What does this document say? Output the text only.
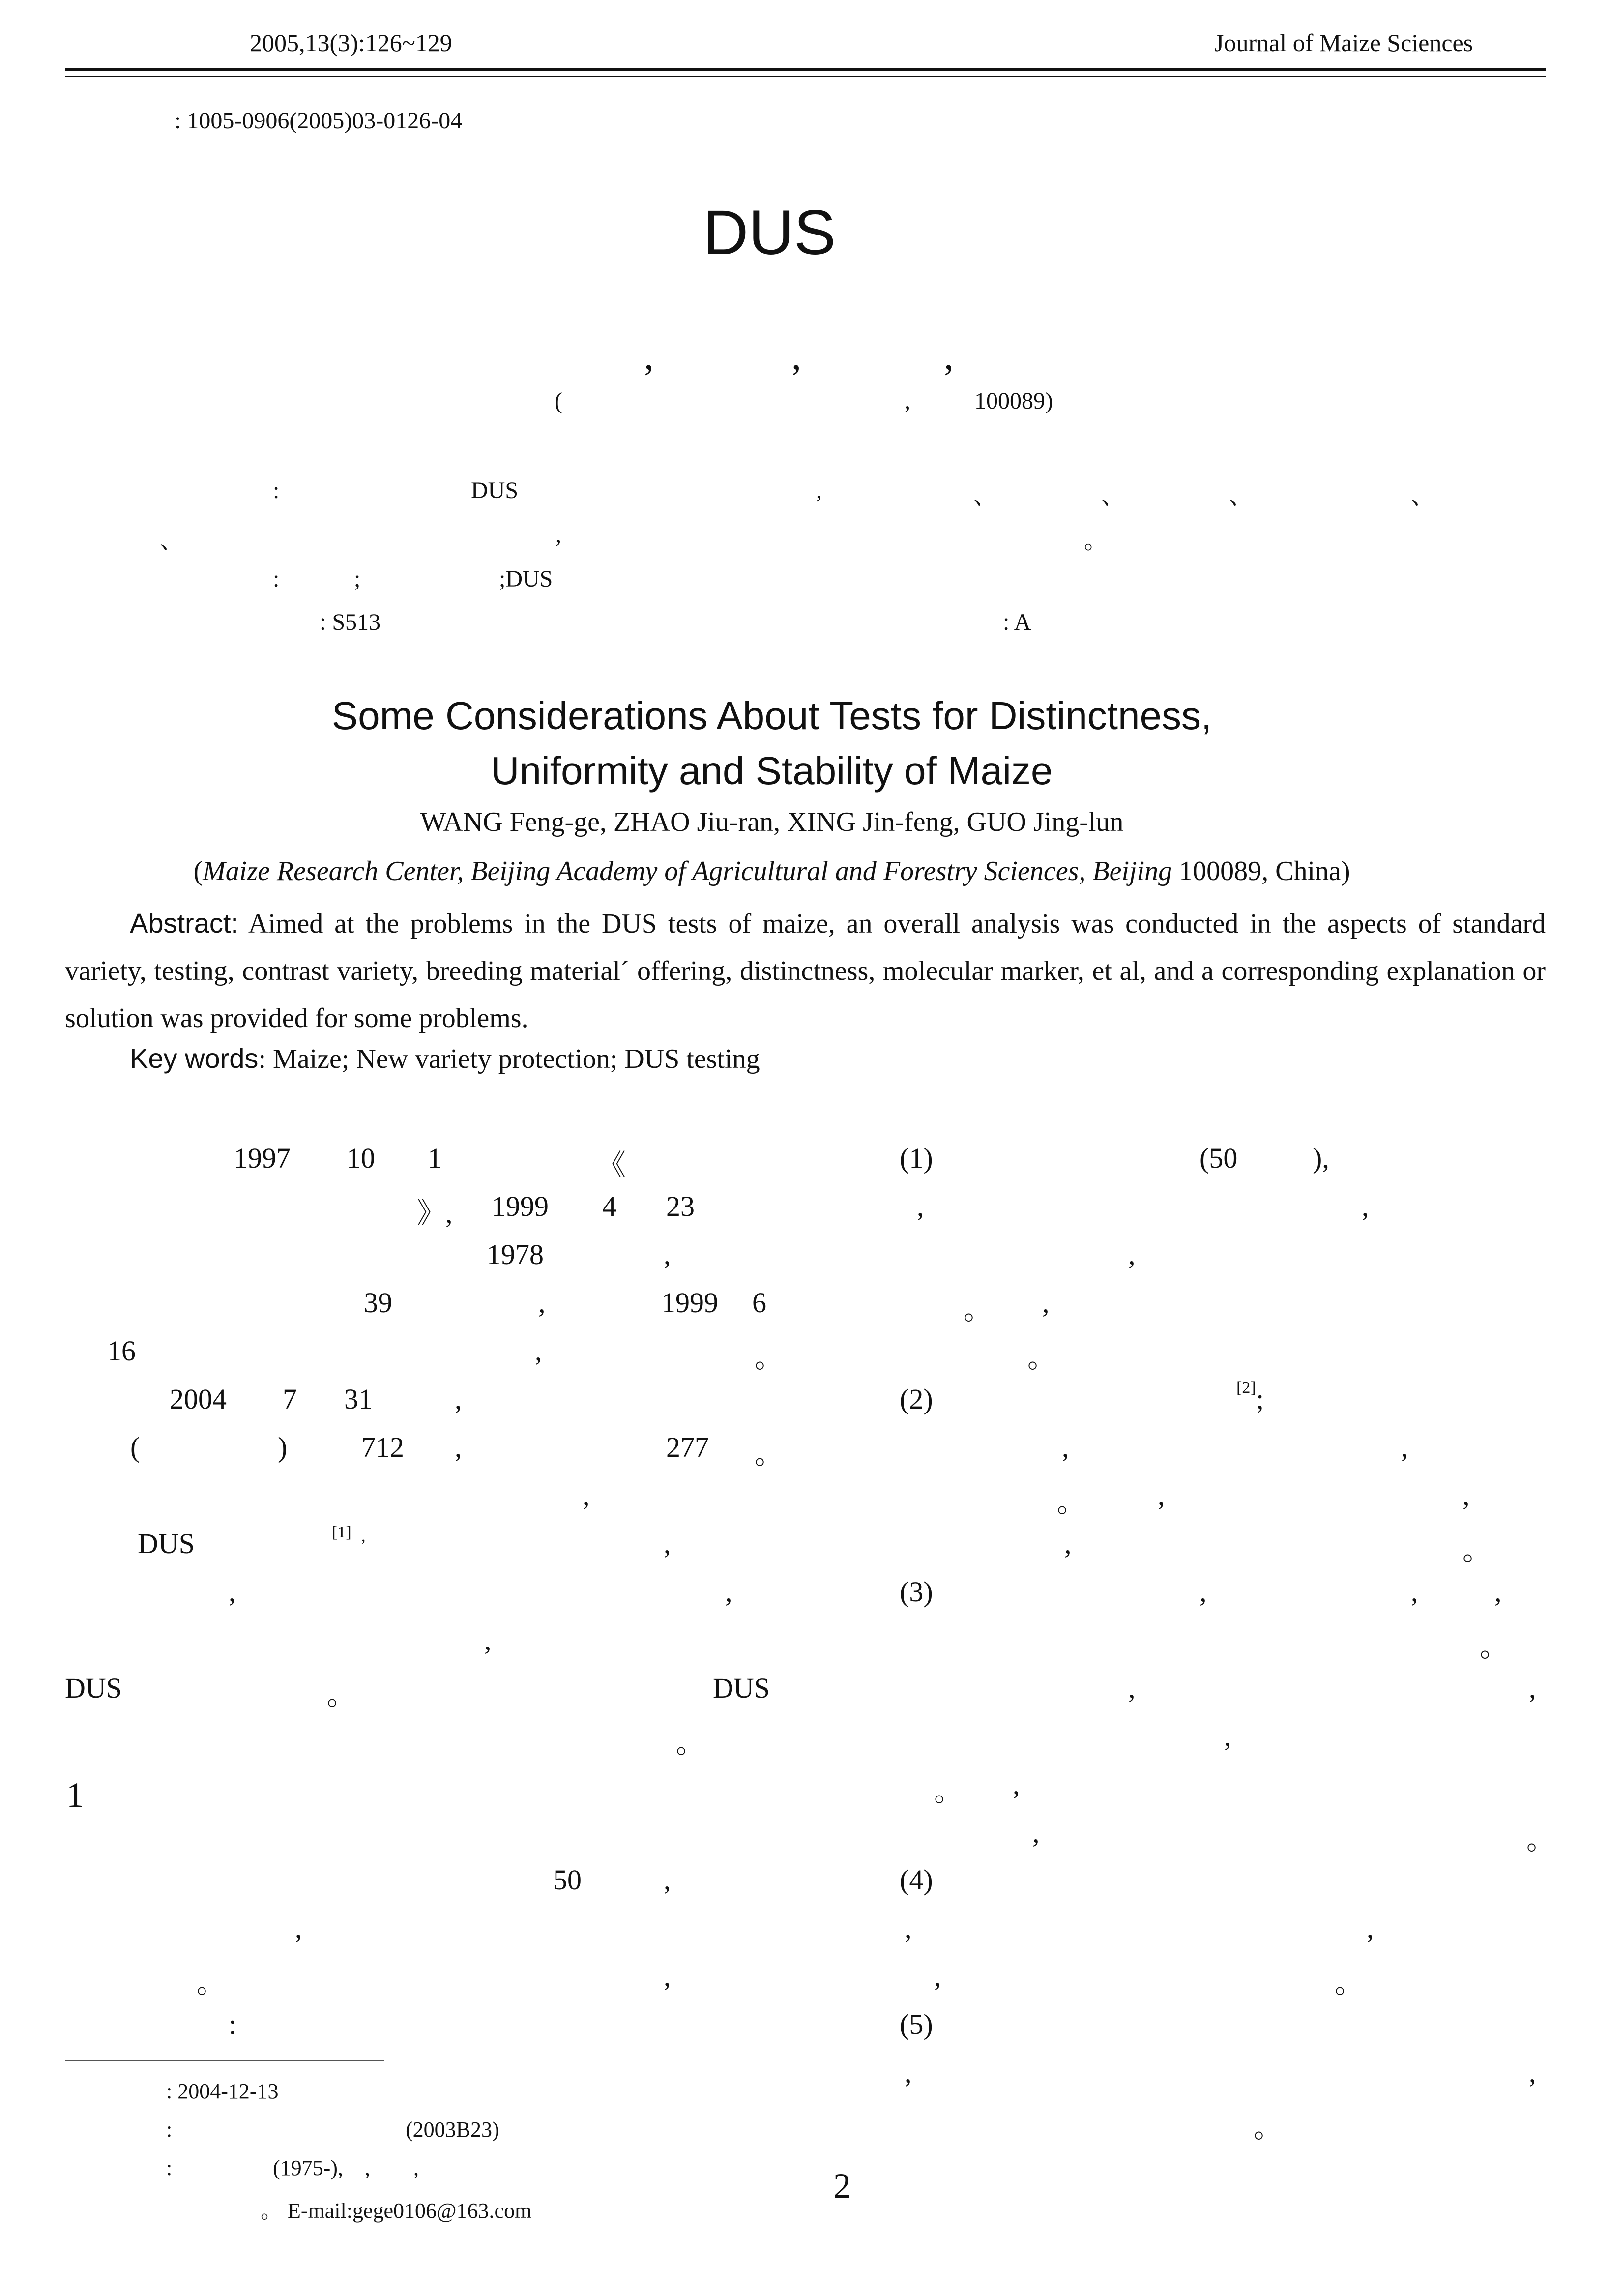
2005,13(3):126~129	Journal of Maize Sciences
: 1005-0906(2005)03-0126-04
DUS
,	,	,
(	,	100089)
:	DUS	,	、	、	、	、
、	,	。
:	;	;DUS
: S513	: A
Some Considerations About Tests for Distinctness,
Uniformity and Stability of Maize
WANG Feng-ge, ZHAO Jiu-ran, XING Jin-feng, GUO Jing-lun
(Maize Research Center, Beijing Academy of Agricultural and Forestry Sciences, Beijing 100089, China)
Abstract: Aimed at the problems in the DUS tests of maize, an overall analysis was conducted in the aspects of standard variety, testing, contrast variety, breeding material´ offering, distinctness, molecular marker, et al, and a corresponding explanation or solution was provided for some problems.
Key words: Maize; New variety protection; DUS testing
1997 10 1	《
》, 1999 4 23
1978	,
39	,	1999 6
16	,	。
2004 7 31	,
(	)	712 ,	277 。
,
DUS	,
,	,
,
DUS	。	DUS
。
50	,
,
。	,
[1] ,
(1)	(50	),
,	,
,
。 ,
。
(2)	;
,	,
。	,	,
,	。
(3)	,	,	,
。
,	,
,
。 ,
,	。
(4)
,	,
,	。
(5)
,	,
。
[2]
1
:
: 2004-12-13
:	(2003B23)
:	(1975-),    ,        ,
。 E-mail:gege0106@163.com
2
